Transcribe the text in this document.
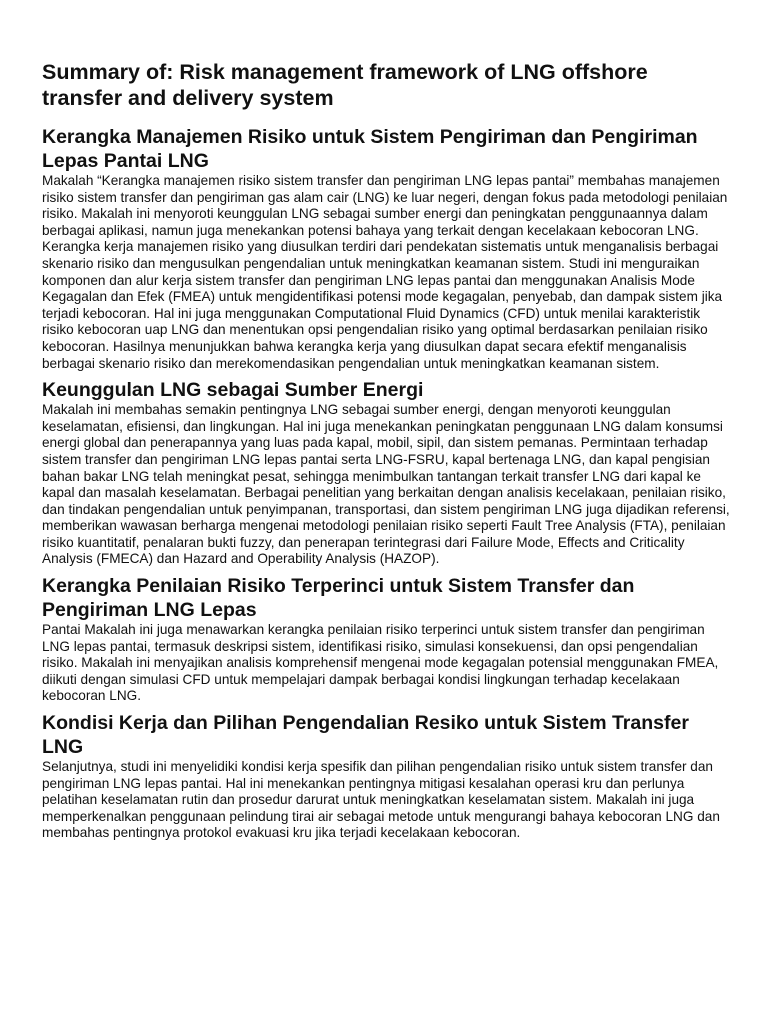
Summary of: Risk management framework of LNG offshore transfer and delivery system
Kerangka Manajemen Risiko untuk Sistem Pengiriman dan Pengiriman Lepas Pantai LNG

Makalah “Kerangka manajemen risiko sistem transfer dan pengiriman LNG lepas pantai” membahas manajemen risiko sistem transfer dan pengiriman gas alam cair (LNG) ke luar negeri, dengan fokus pada metodologi penilaian risiko. Makalah ini menyoroti keunggulan LNG sebagai sumber energi dan peningkatan penggunaannya dalam berbagai aplikasi, namun juga menekankan potensi bahaya yang terkait dengan kecelakaan kebocoran LNG. Kerangka kerja manajemen risiko yang diusulkan terdiri dari pendekatan sistematis untuk menganalisis berbagai skenario risiko dan mengusulkan pengendalian untuk meningkatkan keamanan sistem. Studi ini menguraikan komponen dan alur kerja sistem transfer dan pengiriman LNG lepas pantai dan menggunakan Analisis Mode Kegagalan dan Efek (FMEA) untuk mengidentifikasi potensi mode kegagalan, penyebab, dan dampak sistem jika terjadi kebocoran. Hal ini juga menggunakan Computational Fluid Dynamics (CFD) untuk menilai karakteristik risiko kebocoran uap LNG dan menentukan opsi pengendalian risiko yang optimal berdasarkan penilaian risiko kebocoran. Hasilnya menunjukkan bahwa kerangka kerja yang diusulkan dapat secara efektif menganalisis berbagai skenario risiko dan merekomendasikan pengendalian untuk meningkatkan keamanan sistem.

Keunggulan LNG sebagai Sumber Energi

Makalah ini membahas semakin pentingnya LNG sebagai sumber energi, dengan menyoroti keunggulan keselamatan, efisiensi, dan lingkungan. Hal ini juga menekankan peningkatan penggunaan LNG dalam konsumsi energi global dan penerapannya yang luas pada kapal, mobil, sipil, dan sistem pemanas. Permintaan terhadap sistem transfer dan pengiriman LNG lepas pantai serta LNG-FSRU, kapal bertenaga LNG, dan kapal pengisian bahan bakar LNG telah meningkat pesat, sehingga menimbulkan tantangan terkait transfer LNG dari kapal ke kapal dan masalah keselamatan. Berbagai penelitian yang berkaitan dengan analisis kecelakaan, penilaian risiko, dan tindakan pengendalian untuk penyimpanan, transportasi, dan sistem pengiriman LNG juga dijadikan referensi, memberikan wawasan berharga mengenai metodologi penilaian risiko seperti Fault Tree Analysis (FTA), penilaian risiko kuantitatif, penalaran bukti fuzzy, dan penerapan terintegrasi dari Failure Mode, Effects and Criticality Analysis (FMECA) dan Hazard and Operability Analysis (HAZOP).

Kerangka Penilaian Risiko Terperinci untuk Sistem Transfer dan Pengiriman LNG Lepas

Pantai Makalah ini juga menawarkan kerangka penilaian risiko terperinci untuk sistem transfer dan pengiriman LNG lepas pantai, termasuk deskripsi sistem, identifikasi risiko, simulasi konsekuensi, dan opsi pengendalian risiko. Makalah ini menyajikan analisis komprehensif mengenai mode kegagalan potensial menggunakan FMEA, diikuti dengan simulasi CFD untuk mempelajari dampak berbagai kondisi lingkungan terhadap kecelakaan kebocoran LNG.

Kondisi Kerja dan Pilihan Pengendalian Resiko untuk Sistem Transfer LNG

Selanjutnya, studi ini menyelidiki kondisi kerja spesifik dan pilihan pengendalian risiko untuk sistem transfer dan pengiriman LNG lepas pantai. Hal ini menekankan pentingnya mitigasi kesalahan operasi kru dan perlunya pelatihan keselamatan rutin dan prosedur darurat untuk meningkatkan keselamatan sistem. Makalah ini juga memperkenalkan penggunaan pelindung tirai air sebagai metode untuk mengurangi bahaya kebocoran LNG dan membahas pentingnya protokol evakuasi kru jika terjadi kecelakaan kebocoran.
